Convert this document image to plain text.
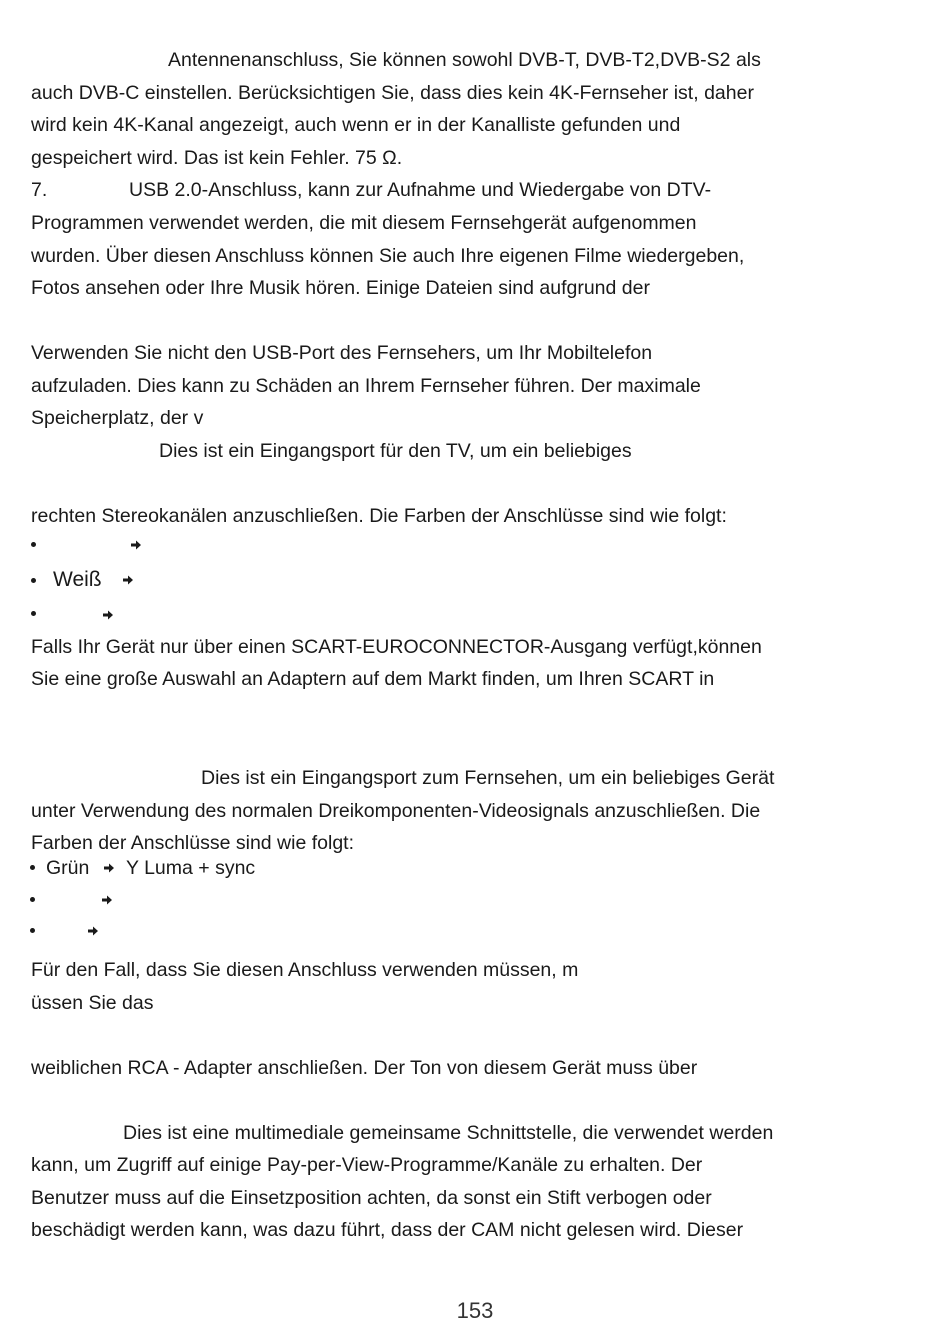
Antennenanschluss, Sie können sowohl DVB-T, DVB-T2,DVB-S2 als
auch DVB-C einstellen. Berücksichtigen Sie, dass dies kein 4K-Fernseher ist, daher
wird kein 4K-Kanal angezeigt, auch wenn er in der Kanalliste gefunden und
gespeichert wird. Das ist kein Fehler. 75 Ω.
7.	USB 2.0-Anschluss, kann zur Aufnahme und Wiedergabe von DTV-
Programmen verwendet werden, die mit diesem Fernsehgerät aufgenommen
wurden. Über diesen Anschluss können Sie auch Ihre eigenen Filme wiedergeben,
Fotos ansehen oder Ihre Musik hören. Einige Dateien sind aufgrund der
Verwenden Sie nicht den USB-Port des Fernsehers, um Ihr Mobiltelefon
aufzuladen. Dies kann zu Schäden an Ihrem Fernseher führen. Der maximale
Speicherplatz, der v
Dies ist ein Eingangsport für den TV, um ein beliebiges
rechten Stereokanälen anzuschließen. Die Farben der Anschlüsse sind wie folgt:
Weiß
Falls Ihr Gerät nur über einen SCART-EUROCONNECTOR-Ausgang verfügt,können
Sie eine große Auswahl an Adaptern auf dem Markt finden, um Ihren SCART in
Dies ist ein Eingangsport zum Fernsehen, um ein beliebiges Gerät
unter Verwendung des normalen Dreikomponenten-Videosignals anzuschließen. Die
Farben der Anschlüsse sind wie folgt:
Grün Y Luma + sync
Für den Fall, dass Sie diesen Anschluss verwenden müssen, m
üssen Sie das
weiblichen RCA - Adapter anschließen. Der Ton von diesem Gerät muss über
Dies ist eine multimediale gemeinsame Schnittstelle, die verwendet werden
kann, um Zugriff auf einige Pay-per-View-Programme/Kanäle zu erhalten. Der
Benutzer muss auf die Einsetzposition achten, da sonst ein Stift verbogen oder
beschädigt werden kann, was dazu führt, dass der CAM nicht gelesen wird. Dieser
153
